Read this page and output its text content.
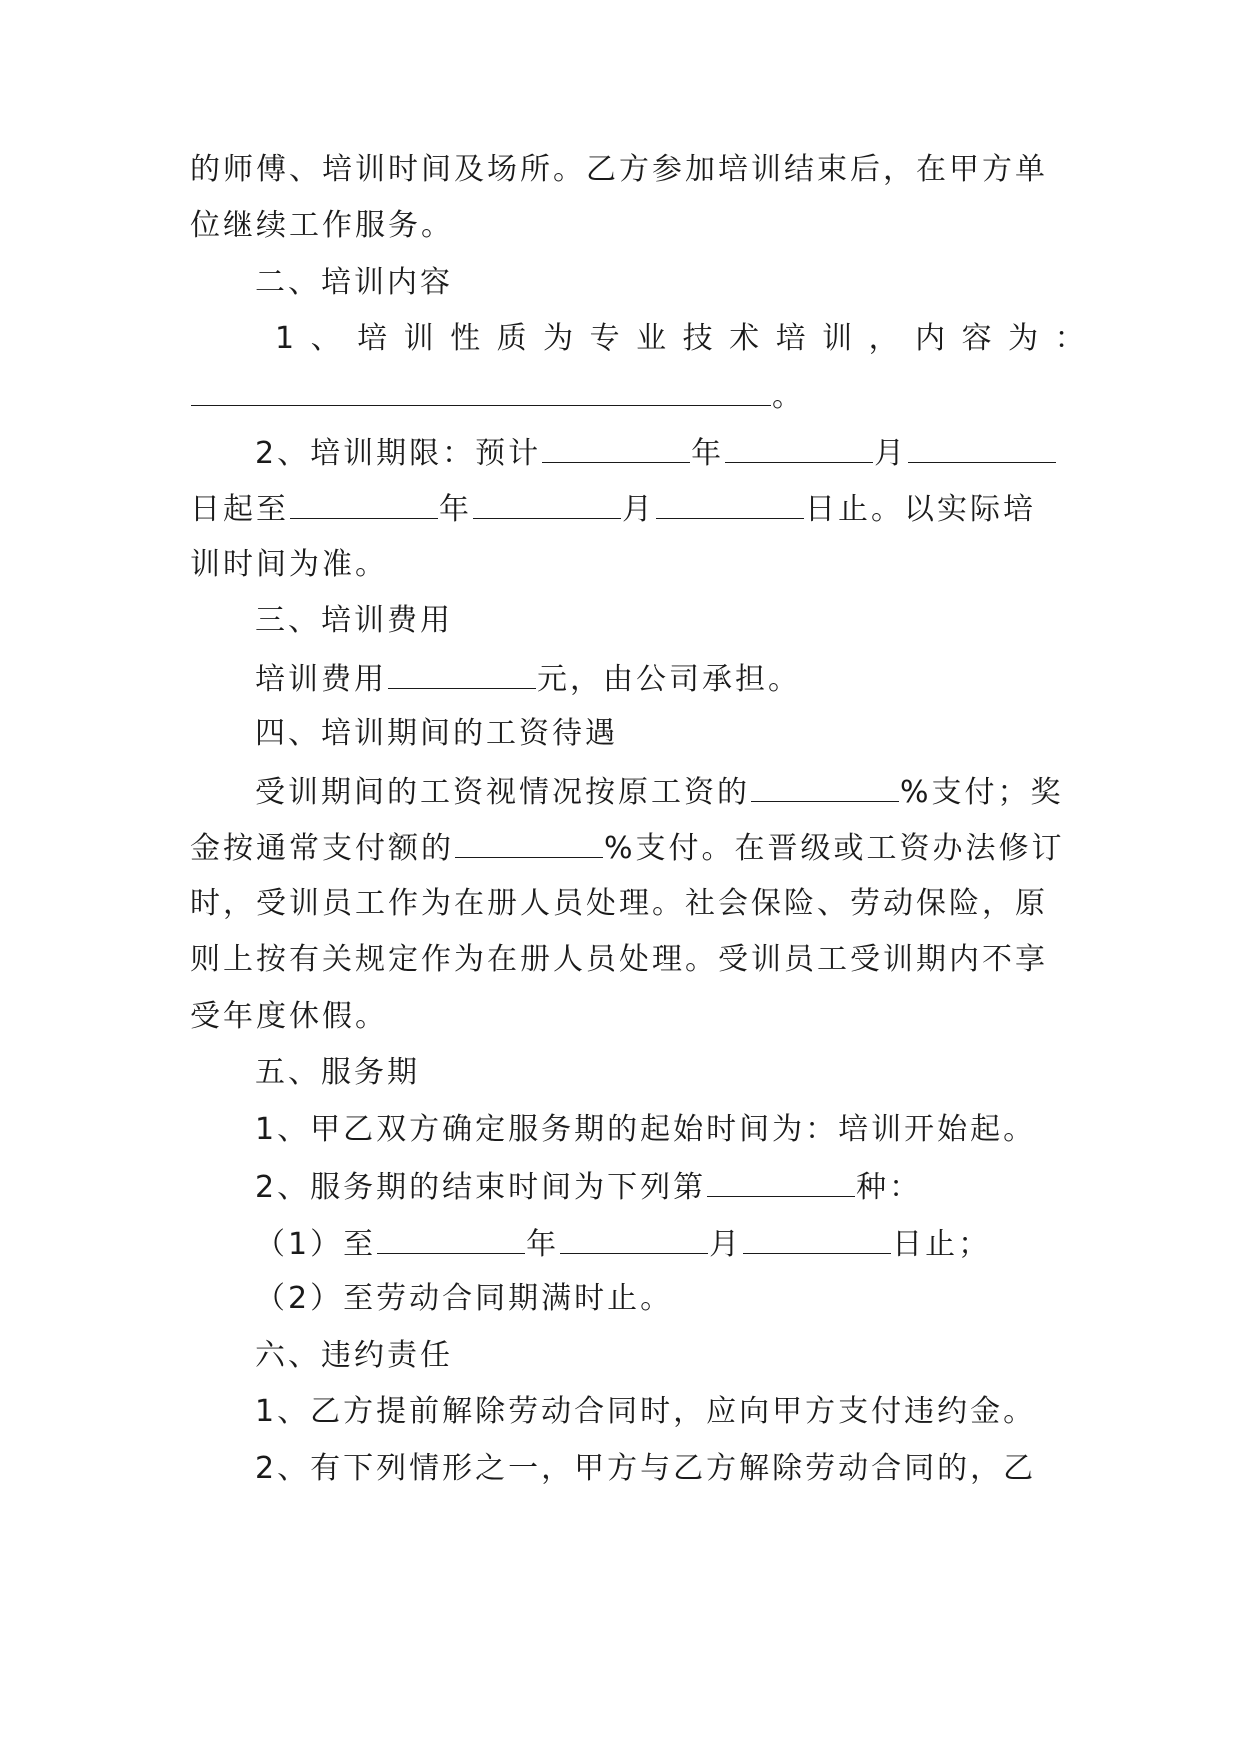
的师傅、培训时间及场所。乙方参加培训结束后，在甲方单
位继续工作服务。
二、培训内容
1、培训性质为专业技术培训，内容为：
。
2、培训期限：预计	年	月
日起至	年	月	日止。以实际培
训时间为准。
三、培训费用
培训费用	元，由公司承担。
四、培训期间的工资待遇
受训期间的工资视情况按原工资的	%支付；奖
金按通常支付额的	%支付。在晋级或工资办法修订
时，受训员工作为在册人员处理。社会保险、劳动保险，原
则上按有关规定作为在册人员处理。受训员工受训期内不享
受年度休假。
五、服务期
1、甲乙双方确定服务期的起始时间为：培训开始起。
2、服务期的结束时间为下列第	种：
（1）至	年	月	日止；
（2）至劳动合同期满时止。
六、违约责任
1、乙方提前解除劳动合同时，应向甲方支付违约金。
2、有下列情形之一，甲方与乙方解除劳动合同的，乙
